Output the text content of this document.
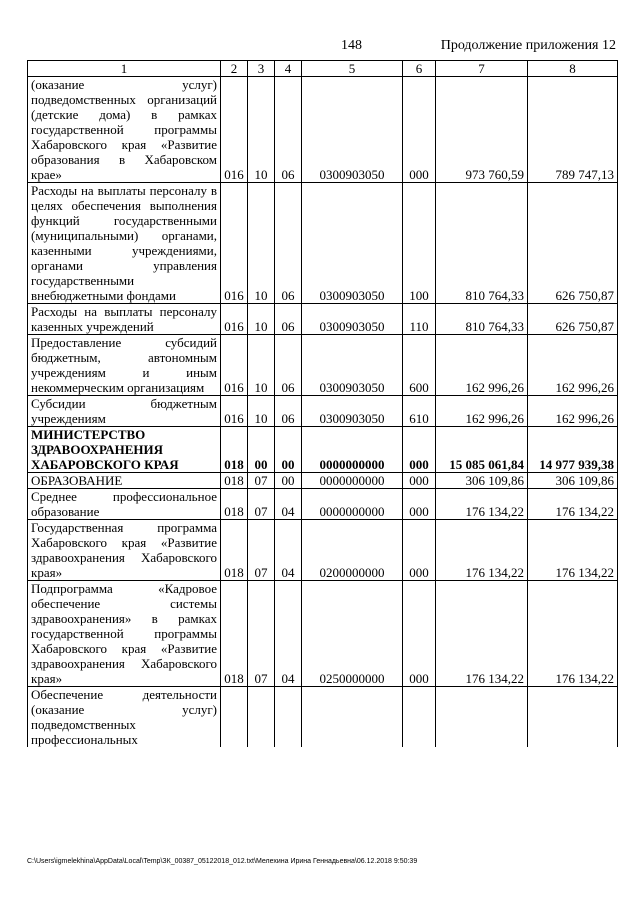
148	Продолжение приложения 12
1	2	3	4	5	6	7	8
(оказание услуг) подведомственных организаций (детские дома) в рамках государственной программы Хабаровского края «Развитие образования в Хабаровском крае»	016	10	06	0300903050	000	973 760,59	789 747,13
Расходы на выплаты персоналу в целях обеспечения выполнения функций государственными (муниципальными) органами, казенными учреждениями, органами управления государственными внебюджетными фондами	016	10	06	0300903050	100	810 764,33	626 750,87
Расходы на выплаты персоналу казенных учреждений	016	10	06	0300903050	110	810 764,33	626 750,87
Предоставление субсидий бюджетным, автономным учреждениям и иным некоммерческим организациям	016	10	06	0300903050	600	162 996,26	162 996,26
Субсидии бюджетным учреждениям	016	10	06	0300903050	610	162 996,26	162 996,26
МИНИСТЕРСТВО ЗДРАВООХРАНЕНИЯ ХАБАРОВСКОГО КРАЯ	018	00	00	0000000000	000	15 085 061,84	14 977 939,38
ОБРАЗОВАНИЕ	018	07	00	0000000000	000	306 109,86	306 109,86
Среднее профессиональное образование	018	07	04	0000000000	000	176 134,22	176 134,22
Государственная программа Хабаровского края «Развитие здравоохранения Хабаровского края»	018	07	04	0200000000	000	176 134,22	176 134,22
Подпрограмма «Кадровое обеспечение системы здравоохранения» в рамках государственной программы Хабаровского края «Развитие здравоохранения Хабаровского края»	018	07	04	0250000000	000	176 134,22	176 134,22
Обеспечение деятельности (оказание услуг) подведомственных профессиональных							
C:\Users\igmelekhina\AppData\Local\Temp\ЗК_00387_05122018_012.txt\Мелехина Ирина Геннадьевна\06.12.2018 9:50:39
